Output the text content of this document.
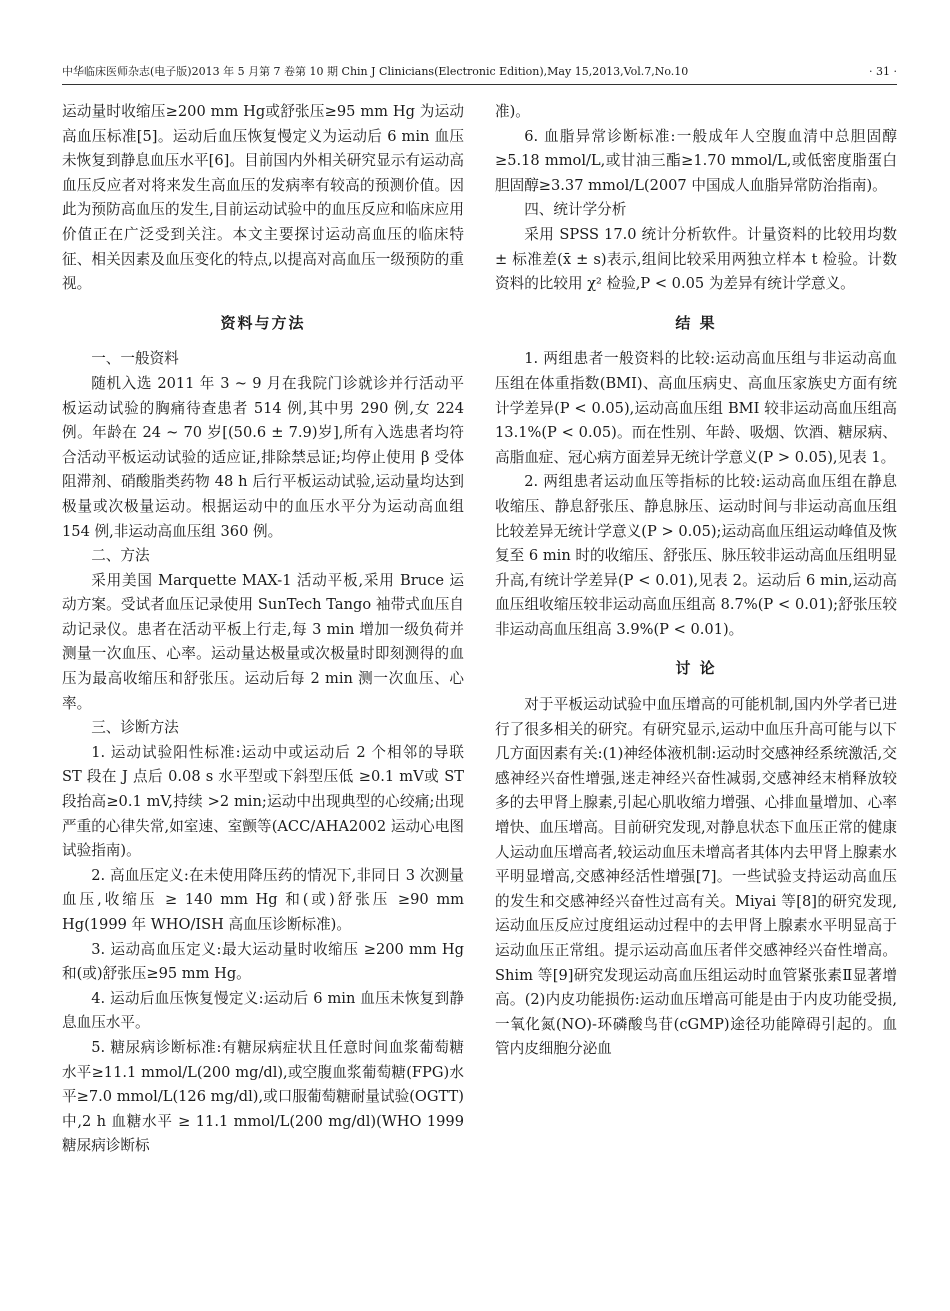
中华临床医师杂志(电子版)2013 年 5 月第 7 卷第 10 期 Chin J Clinicians(Electronic Edition),May 15,2013,Vol.7,No.10	· 31 ·

运动量时收缩压≥200 mm Hg或舒张压≥95 mm Hg 为运动高血压标准[5]。运动后血压恢复慢定义为运动后 6 min 血压未恢复到静息血压水平[6]。目前国内外相关研究显示有运动高血压反应者对将来发生高血压的发病率有较高的预测价值。因此为预防高血压的发生,目前运动试验中的血压反应和临床应用价值正在广泛受到关注。本文主要探讨运动高血压的临床特征、相关因素及血压变化的特点,以提高对高血压一级预防的重视。

资料与方法

一、一般资料

随机入选 2011 年 3 ~ 9 月在我院门诊就诊并行活动平板运动试验的胸痛待查患者 514 例,其中男 290 例,女 224 例。年龄在 24 ~ 70 岁[(50.6 ± 7.9)岁],所有入选患者均符合活动平板运动试验的适应证,排除禁忌证;均停止使用 β 受体阻滞剂、硝酸脂类药物 48 h 后行平板运动试验,运动量均达到极量或次极量运动。根据运动中的血压水平分为运动高血组 154 例,非运动高血压组 360 例。

二、方法

采用美国 Marquette MAX-1 活动平板,采用 Bruce 运动方案。受试者血压记录使用 SunTech Tango 袖带式血压自动记录仪。患者在活动平板上行走,每 3 min 增加一级负荷并测量一次血压、心率。运动量达极量或次极量时即刻测得的血压为最高收缩压和舒张压。运动后每 2 min 测一次血压、心率。

三、诊断方法

1. 运动试验阳性标准:运动中或运动后 2 个相邻的导联 ST 段在 J 点后 0.08 s 水平型或下斜型压低 ≥0.1 mV或 ST 段抬高≥0.1 mV,持续 >2 min;运动中出现典型的心绞痛;出现严重的心律失常,如室速、室颤等(ACC/AHA2002 运动心电图试验指南)。

2. 高血压定义:在未使用降压药的情况下,非同日 3 次测量血压,收缩压 ≥ 140 mm Hg 和(或)舒张压 ≥90 mm Hg(1999 年 WHO/ISH 高血压诊断标准)。

3. 运动高血压定义:最大运动量时收缩压 ≥200 mm Hg和(或)舒张压≥95 mm Hg。

4. 运动后血压恢复慢定义:运动后 6 min 血压未恢复到静息血压水平。

5. 糖尿病诊断标准:有糖尿病症状且任意时间血浆葡萄糖水平≥11.1 mmol/L(200 mg/dl),或空腹血浆葡萄糖(FPG)水平≥7.0 mmol/L(126 mg/dl),或口服葡萄糖耐量试验(OGTT)中,2 h 血糖水平 ≥ 11.1 mmol/L(200 mg/dl)(WHO 1999 糖尿病诊断标

准)。

6. 血脂异常诊断标准:一般成年人空腹血清中总胆固醇≥5.18 mmol/L,或甘油三酯≥1.70 mmol/L,或低密度脂蛋白胆固醇≥3.37 mmol/L(2007 中国成人血脂异常防治指南)。

四、统计学分析

采用 SPSS 17.0 统计分析软件。计量资料的比较用均数 ± 标准差(x̄ ± s)表示,组间比较采用两独立样本 t 检验。计数资料的比较用 χ² 检验,P < 0.05 为差异有统计学意义。

结 果

1. 两组患者一般资料的比较:运动高血压组与非运动高血压组在体重指数(BMI)、高血压病史、高血压家族史方面有统计学差异(P < 0.05),运动高血压组 BMI 较非运动高血压组高 13.1%(P < 0.05)。而在性别、年龄、吸烟、饮酒、糖尿病、高脂血症、冠心病方面差异无统计学意义(P > 0.05),见表 1。

2. 两组患者运动血压等指标的比较:运动高血压组在静息收缩压、静息舒张压、静息脉压、运动时间与非运动高血压组比较差异无统计学意义(P > 0.05);运动高血压组运动峰值及恢复至 6 min 时的收缩压、舒张压、脉压较非运动高血压组明显升高,有统计学差异(P < 0.01),见表 2。运动后 6 min,运动高血压组收缩压较非运动高血压组高 8.7%(P < 0.01);舒张压较非运动高血压组高 3.9%(P < 0.01)。

讨 论

对于平板运动试验中血压增高的可能机制,国内外学者已进行了很多相关的研究。有研究显示,运动中血压升高可能与以下几方面因素有关:(1)神经体液机制:运动时交感神经系统激活,交感神经兴奋性增强,迷走神经兴奋性减弱,交感神经末梢释放较多的去甲肾上腺素,引起心肌收缩力增强、心排血量增加、心率增快、血压增高。目前研究发现,对静息状态下血压正常的健康人运动血压增高者,较运动血压未增高者其体内去甲肾上腺素水平明显增高,交感神经活性增强[7]。一些试验支持运动高血压的发生和交感神经兴奋性过高有关。Miyai 等[8]的研究发现,运动血压反应过度组运动过程中的去甲肾上腺素水平明显高于运动血压正常组。提示运动高血压者伴交感神经兴奋性增高。Shim 等[9]研究发现运动高血压组运动时血管紧张素Ⅱ显著增高。(2)内皮功能损伤:运动血压增高可能是由于内皮功能受损,一氧化氮(NO)-环磷酸鸟苷(cGMP)途径功能障碍引起的。血管内皮细胞分泌血
